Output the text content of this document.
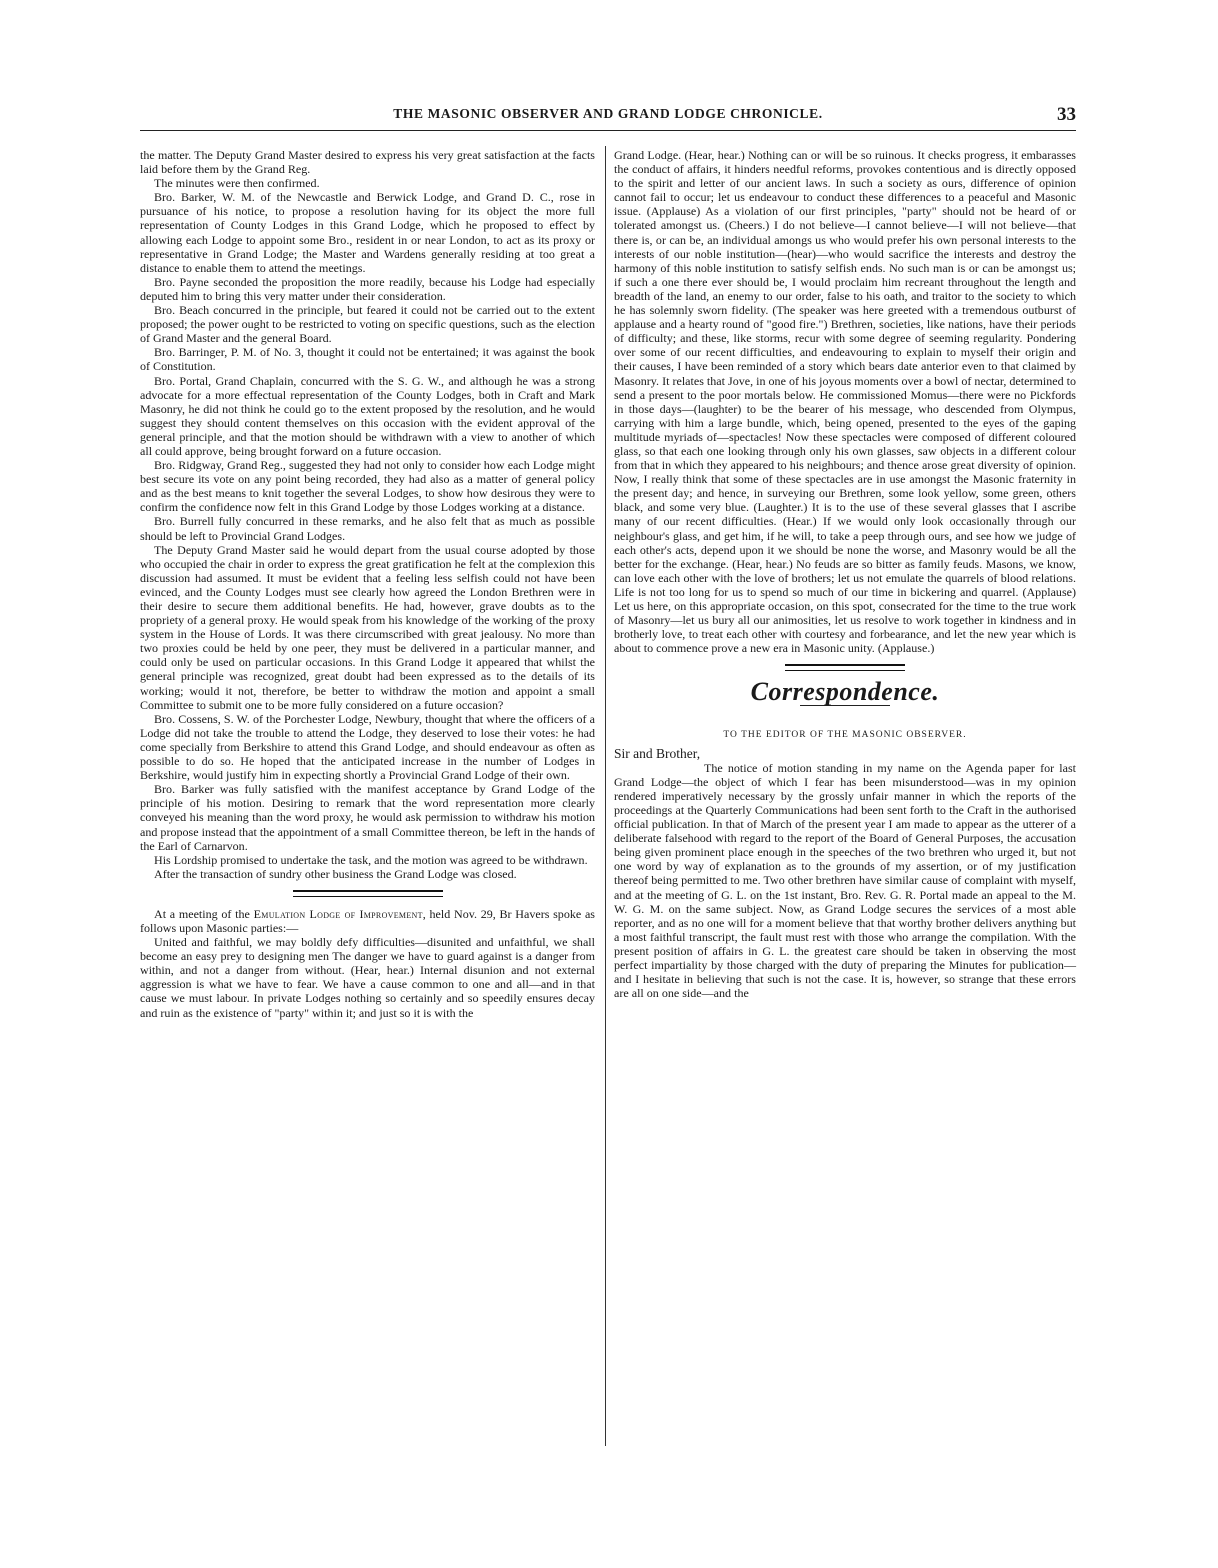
THE MASONIC OBSERVER AND GRAND LODGE CHRONICLE.	33

the matter. The Deputy Grand Master desired to express his very great satisfaction at the facts laid before them by the Grand Reg.

The minutes were then confirmed.

Bro. Barker, W. M. of the Newcastle and Berwick Lodge, and Grand D. C., rose in pursuance of his notice, to propose a resolution having for its object the more full representation of County Lodges in this Grand Lodge, which he proposed to effect by allowing each Lodge to appoint some Bro., resident in or near London, to act as its proxy or representative in Grand Lodge; the Master and Wardens generally residing at too great a distance to enable them to attend the meetings.

Bro. Payne seconded the proposition the more readily, because his Lodge had especially deputed him to bring this very matter under their consideration.

Bro. Beach concurred in the principle, but feared it could not be carried out to the extent proposed; the power ought to be restricted to voting on specific questions, such as the election of Grand Master and the general Board.

Bro. Barringer, P. M. of No. 3, thought it could not be entertained; it was against the book of Constitution.

Bro. Portal, Grand Chaplain, concurred with the S. G. W., and although he was a strong advocate for a more effectual representation of the County Lodges, both in Craft and Mark Masonry, he did not think he could go to the extent proposed by the resolution, and he would suggest they should content themselves on this occasion with the evident approval of the general principle, and that the motion should be withdrawn with a view to another of which all could approve, being brought forward on a future occasion.

Bro. Ridgway, Grand Reg., suggested they had not only to consider how each Lodge might best secure its vote on any point being recorded, they had also as a matter of general policy and as the best means to knit together the several Lodges, to show how desirous they were to confirm the confidence now felt in this Grand Lodge by those Lodges working at a distance.

Bro. Burrell fully concurred in these remarks, and he also felt that as much as possible should be left to Provincial Grand Lodges.

The Deputy Grand Master said he would depart from the usual course adopted by those who occupied the chair in order to express the great gratification he felt at the complexion this discussion had assumed. It must be evident that a feeling less selfish could not have been evinced, and the County Lodges must see clearly how agreed the London Brethren were in their desire to secure them additional benefits. He had, however, grave doubts as to the propriety of a general proxy. He would speak from his knowledge of the working of the proxy system in the House of Lords. It was there circumscribed with great jealousy. No more than two proxies could be held by one peer, they must be delivered in a particular manner, and could only be used on particular occasions. In this Grand Lodge it appeared that whilst the general principle was recognized, great doubt had been expressed as to the details of its working; would it not, therefore, be better to withdraw the motion and appoint a small Committee to submit one to be more fully considered on a future occasion?

Bro. Cossens, S. W. of the Porchester Lodge, Newbury, thought that where the officers of a Lodge did not take the trouble to attend the Lodge, they deserved to lose their votes: he had come specially from Berkshire to attend this Grand Lodge, and should endeavour as often as possible to do so. He hoped that the anticipated increase in the number of Lodges in Berkshire, would justify him in expecting shortly a Provincial Grand Lodge of their own.

Bro. Barker was fully satisfied with the manifest acceptance by Grand Lodge of the principle of his motion. Desiring to remark that the word representation more clearly conveyed his meaning than the word proxy, he would ask permission to withdraw his motion and propose instead that the appointment of a small Committee thereon, be left in the hands of the Earl of Carnarvon.

His Lordship promised to undertake the task, and the motion was agreed to be withdrawn.

After the transaction of sundry other business the Grand Lodge was closed.

At a meeting of the Emulation Lodge of Improvement, held Nov. 29, Br Havers spoke as follows upon Masonic parties:—

United and faithful, we may boldly defy difficulties—disunited and unfaithful, we shall become an easy prey to designing men The danger we have to guard against is a danger from within, and not a danger from without. (Hear, hear.) Internal disunion and not external aggression is what we have to fear. We have a cause common to one and all—and in that cause we must labour. In private Lodges nothing so certainly and so speedily ensures decay and ruin as the existence of "party" within it; and just so it is with the

Grand Lodge. (Hear, hear.) Nothing can or will be so ruinous. It checks progress, it embarasses the conduct of affairs, it hinders needful reforms, provokes contentious and is directly opposed to the spirit and letter of our ancient laws. In such a society as ours, difference of opinion cannot fail to occur; let us endeavour to conduct these differences to a peaceful and Masonic issue. (Applause) As a violation of our first principles, "party" should not be heard of or tolerated amongst us. (Cheers.) I do not believe—I cannot believe—I will not believe—that there is, or can be, an individual amongs us who would prefer his own personal interests to the interests of our noble institution—(hear)—who would sacrifice the interests and destroy the harmony of this noble institution to satisfy selfish ends. No such man is or can be amongst us; if such a one there ever should be, I would proclaim him recreant throughout the length and breadth of the land, an enemy to our order, false to his oath, and traitor to the society to which he has solemnly sworn fidelity. (The speaker was here greeted with a tremendous outburst of applause and a hearty round of "good fire.") Brethren, societies, like nations, have their periods of difficulty; and these, like storms, recur with some degree of seeming regularity. Pondering over some of our recent difficulties, and endeavouring to explain to myself their origin and their causes, I have been reminded of a story which bears date anterior even to that claimed by Masonry. It relates that Jove, in one of his joyous moments over a bowl of nectar, determined to send a present to the poor mortals below. He commissioned Momus—there were no Pickfords in those days—(laughter) to be the bearer of his message, who descended from Olympus, carrying with him a large bundle, which, being opened, presented to the eyes of the gaping multitude myriads of—spectacles! Now these spectacles were composed of different coloured glass, so that each one looking through only his own glasses, saw objects in a different colour from that in which they appeared to his neighbours; and thence arose great diversity of opinion. Now, I really think that some of these spectacles are in use amongst the Masonic fraternity in the present day; and hence, in surveying our Brethren, some look yellow, some green, others black, and some very blue. (Laughter.) It is to the use of these several glasses that I ascribe many of our recent difficulties. (Hear.) If we would only look occasionally through our neighbour's glass, and get him, if he will, to take a peep through ours, and see how we judge of each other's acts, depend upon it we should be none the worse, and Masonry would be all the better for the exchange. (Hear, hear.) No feuds are so bitter as family feuds. Masons, we know, can love each other with the love of brothers; let us not emulate the quarrels of blood relations. Life is not too long for us to spend so much of our time in bickering and quarrel. (Applause) Let us here, on this appropriate occasion, on this spot, consecrated for the time to the true work of Masonry—let us bury all our animosities, let us resolve to work together in kindness and in brotherly love, to treat each other with courtesy and forbearance, and let the new year which is about to commence prove a new era in Masonic unity. (Applause.)

Correspondence.
TO THE EDITOR OF THE MASONIC OBSERVER.

Sir and Brother,

The notice of motion standing in my name on the Agenda paper for last Grand Lodge—the object of which I fear has been misunderstood—was in my opinion rendered imperatively necessary by the grossly unfair manner in which the reports of the proceedings at the Quarterly Communications had been sent forth to the Craft in the authorised official publication. In that of March of the present year I am made to appear as the utterer of a deliberate falsehood with regard to the report of the Board of General Purposes, the accusation being given prominent place enough in the speeches of the two brethren who urged it, but not one word by way of explanation as to the grounds of my assertion, or of my justification thereof being permitted to me. Two other brethren have similar cause of complaint with myself, and at the meeting of G. L. on the 1st instant, Bro. Rev. G. R. Portal made an appeal to the M. W. G. M. on the same subject. Now, as Grand Lodge secures the services of a most able reporter, and as no one will for a moment believe that that worthy brother delivers anything but a most faithful transcript, the fault must rest with those who arrange the compilation. With the present position of affairs in G. L. the greatest care should be taken in observing the most perfect impartiality by those charged with the duty of preparing the Minutes for publication—and I hesitate in believing that such is not the case. It is, however, so strange that these errors are all on one side—and the
